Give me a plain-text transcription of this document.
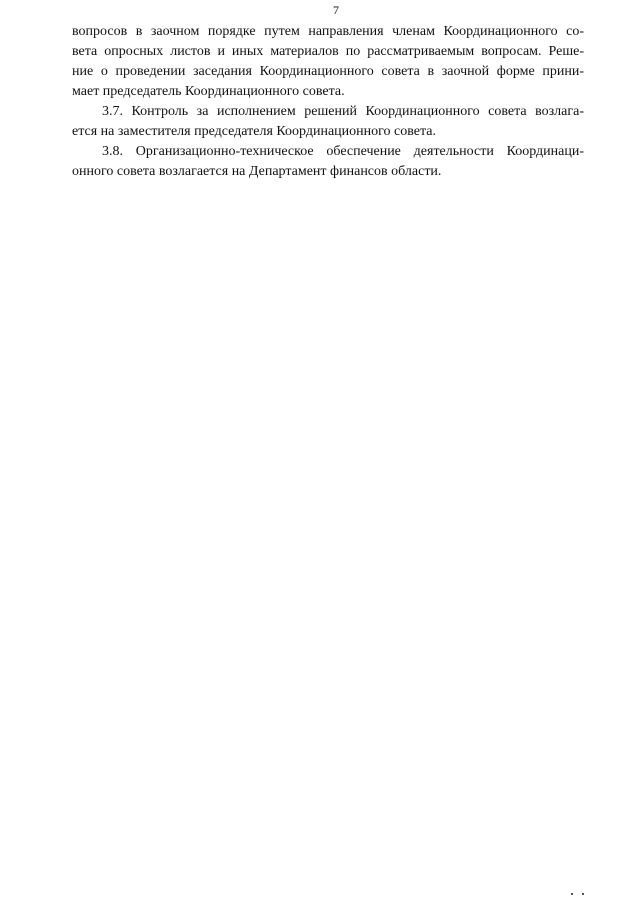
7
вопросов в заочном порядке путем направления членам Координационного со-
вета опросных листов и иных материалов по рассматриваемым вопросам. Реше-
ние о проведении заседания Координационного совета в заочной форме прини-
мает председатель Координационного совета.
3.7. Контроль за исполнением решений Координационного совета возлага-
ется на заместителя председателя Координационного совета.
3.8. Организационно-техническое обеспечение деятельности Координаци-
онного совета возлагается на Департамент финансов области.
